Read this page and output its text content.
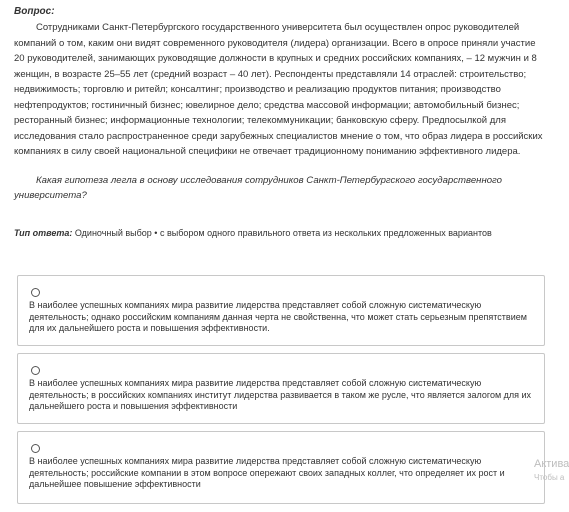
Вопрос:

Сотрудниками Санкт-Петербургского государственного университета был осуществлен опрос руководителей компаний о том, каким они видят современного руководителя (лидера) организации. Всего в опросе приняли участие 20 руководителей, занимающих руководящие должности в крупных и средних российских компаниях, – 12 мужчин и 8 женщин, в возрасте 25–55 лет (средний возраст – 40 лет). Респонденты представляли 14 отраслей: строительство; недвижимость; торговлю и ритейл; консалтинг; производство и реализацию продуктов питания; производство нефтепродуктов; гостиничный бизнес; ювелирное дело; средства массовой информации; автомобильный бизнес; ресторанный бизнес; информационные технологии; телекоммуникации; банковскую сферу. Предпосылкой для исследования стало распространенное среди зарубежных специалистов мнение о том, что образ лидера в российских компаниях в силу своей национальной специфики не отвечает традиционному пониманию эффективного лидера.

Какая гипотеза легла в основу исследования сотрудников Санкт-Петербургского государственного университета?

Тип ответа: Одиночный выбор • с выбором одного правильного ответа из нескольких предложенных вариантов
В наиболее успешных компаниях мира развитие лидерства представляет собой сложную систематическую деятельность; однако российским компаниям данная черта не свойственна, что может стать серьезным препятствием для их дальнейшего роста и повышения эффективности.
В наиболее успешных компаниях мира развитие лидерства представляет собой сложную систематическую деятельность; в российских компаниях институт лидерства развивается в таком же русле, что является залогом для их дальнейшего роста и повышения эффективности
В наиболее успешных компаниях мира развитие лидерства представляет собой сложную систематическую деятельность; российские компании в этом вопросе опережают своих западных коллег, что определяет их рост и дальнейшее повышение эффективности
Актива
Чтобы а
